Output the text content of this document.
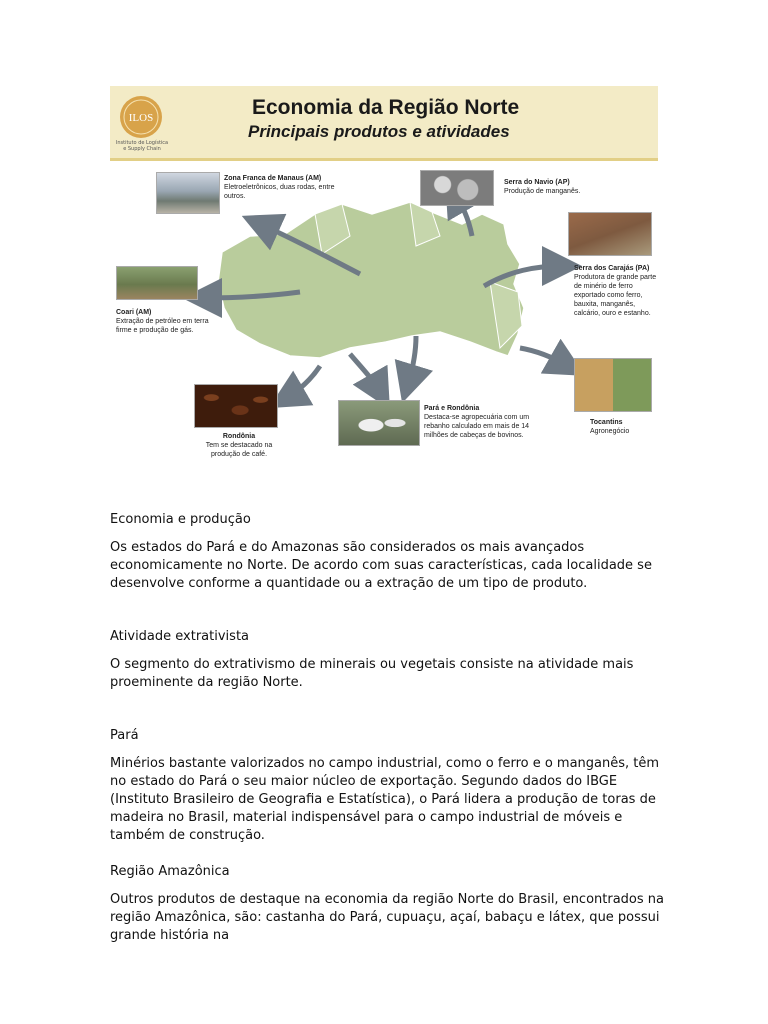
ILOS
Instituto de Logística e Supply Chain
Economia da Região Norte
Principais produtos e atividades
Zona Franca de Manaus (AM)
Eletroeletrônicos, duas rodas, entre outros.
Serra do Navio (AP)
Produção de manganês.
Serra dos Carajás (PA)
Produtora de grande parte de minério de ferro exportado como ferro, bauxita, manganês, calcário, ouro e estanho.
Coari (AM)
Extração de petróleo em terra firme e produção de gás.
Rondônia
Tem se destacado na produção de café.
Pará e Rondônia
Destaca-se agropecuária com um rebanho calculado em mais de 14 milhões de cabeças de bovinos.
Tocantins
Agronegócio

Economia e produção

Os estados do Pará e do Amazonas são considerados os mais avançados economicamente no Norte. De acordo com suas características, cada localidade se desenvolve conforme a quantidade ou a extração de um tipo de produto.

Atividade extrativista

O segmento do extrativismo de minerais ou vegetais consiste na atividade mais proeminente da região Norte.

Pará

Minérios bastante valorizados no campo industrial, como o ferro e o manganês, têm no estado do Pará o seu maior núcleo de exportação. Segundo dados do IBGE (Instituto Brasileiro de Geografia e Estatística), o Pará lidera a produção de toras de madeira no Brasil, material indispensável para o campo industrial de móveis e também de construção.

Região Amazônica

Outros produtos de destaque na economia da região Norte do Brasil, encontrados na região Amazônica, são: castanha do Pará, cupuaçu, açaí, babaçu e látex, que possui grande história na
